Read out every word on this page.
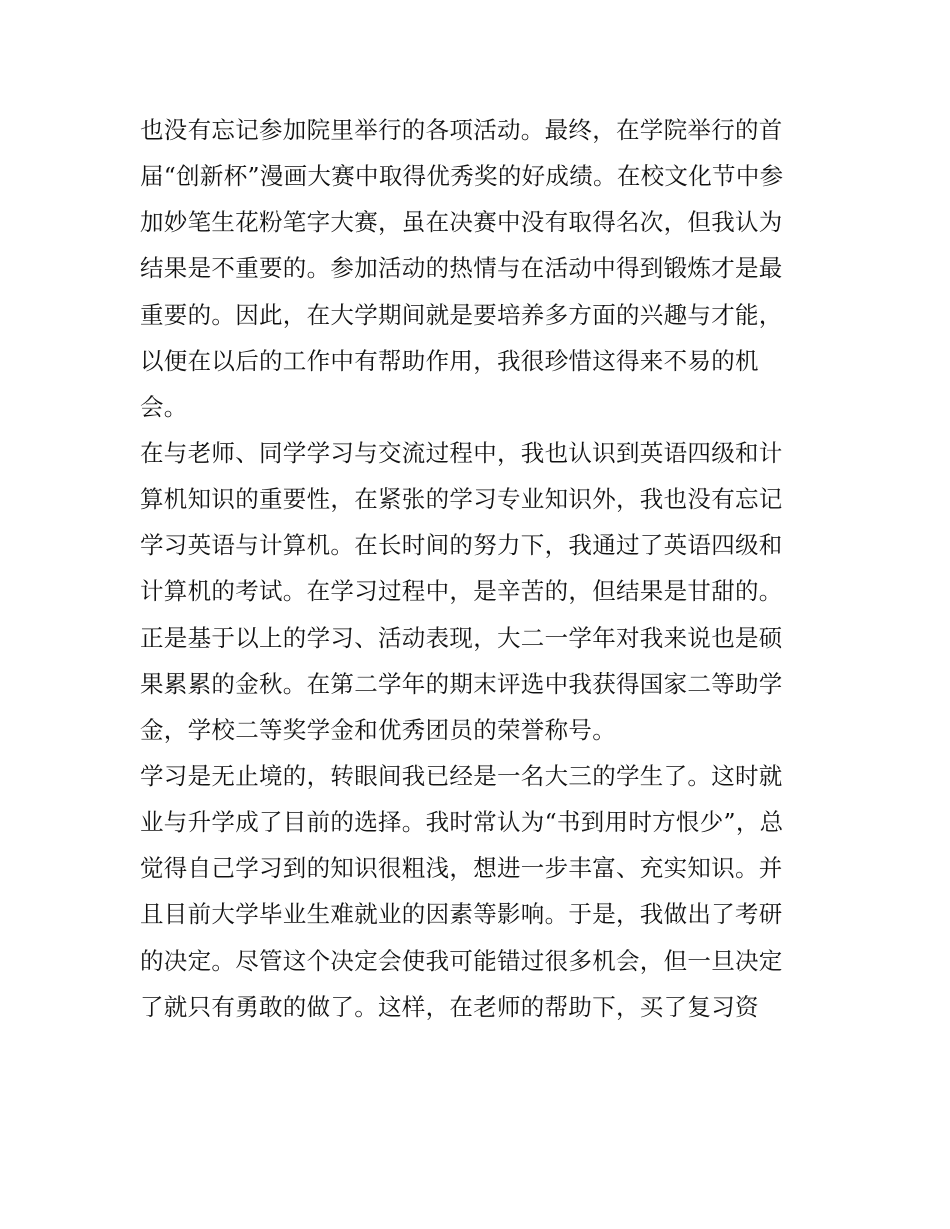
也没有忘记参加院里举行的各项活动。最终，在学院举行的首
届“创新杯”漫画大赛中取得优秀奖的好成绩。在校文化节中参
加妙笔生花粉笔字大赛，虽在决赛中没有取得名次，但我认为
结果是不重要的。参加活动的热情与在活动中得到锻炼才是最
重要的。因此，在大学期间就是要培养多方面的兴趣与才能，
以便在以后的工作中有帮助作用，我很珍惜这得来不易的机
会。
在与老师、同学学习与交流过程中，我也认识到英语四级和计
算机知识的重要性，在紧张的学习专业知识外，我也没有忘记
学习英语与计算机。在长时间的努力下，我通过了英语四级和
计算机的考试。在学习过程中，是辛苦的，但结果是甘甜的。
正是基于以上的学习、活动表现，大二一学年对我来说也是硕
果累累的金秋。在第二学年的期末评选中我获得国家二等助学
金，学校二等奖学金和优秀团员的荣誉称号。
学习是无止境的，转眼间我已经是一名大三的学生了。这时就
业与升学成了目前的选择。我时常认为“书到用时方恨少”，总
觉得自己学习到的知识很粗浅，想进一步丰富、充实知识。并
且目前大学毕业生难就业的因素等影响。于是，我做出了考研
的决定。尽管这个决定会使我可能错过很多机会，但一旦决定
了就只有勇敢的做了。这样，在老师的帮助下，买了复习资
